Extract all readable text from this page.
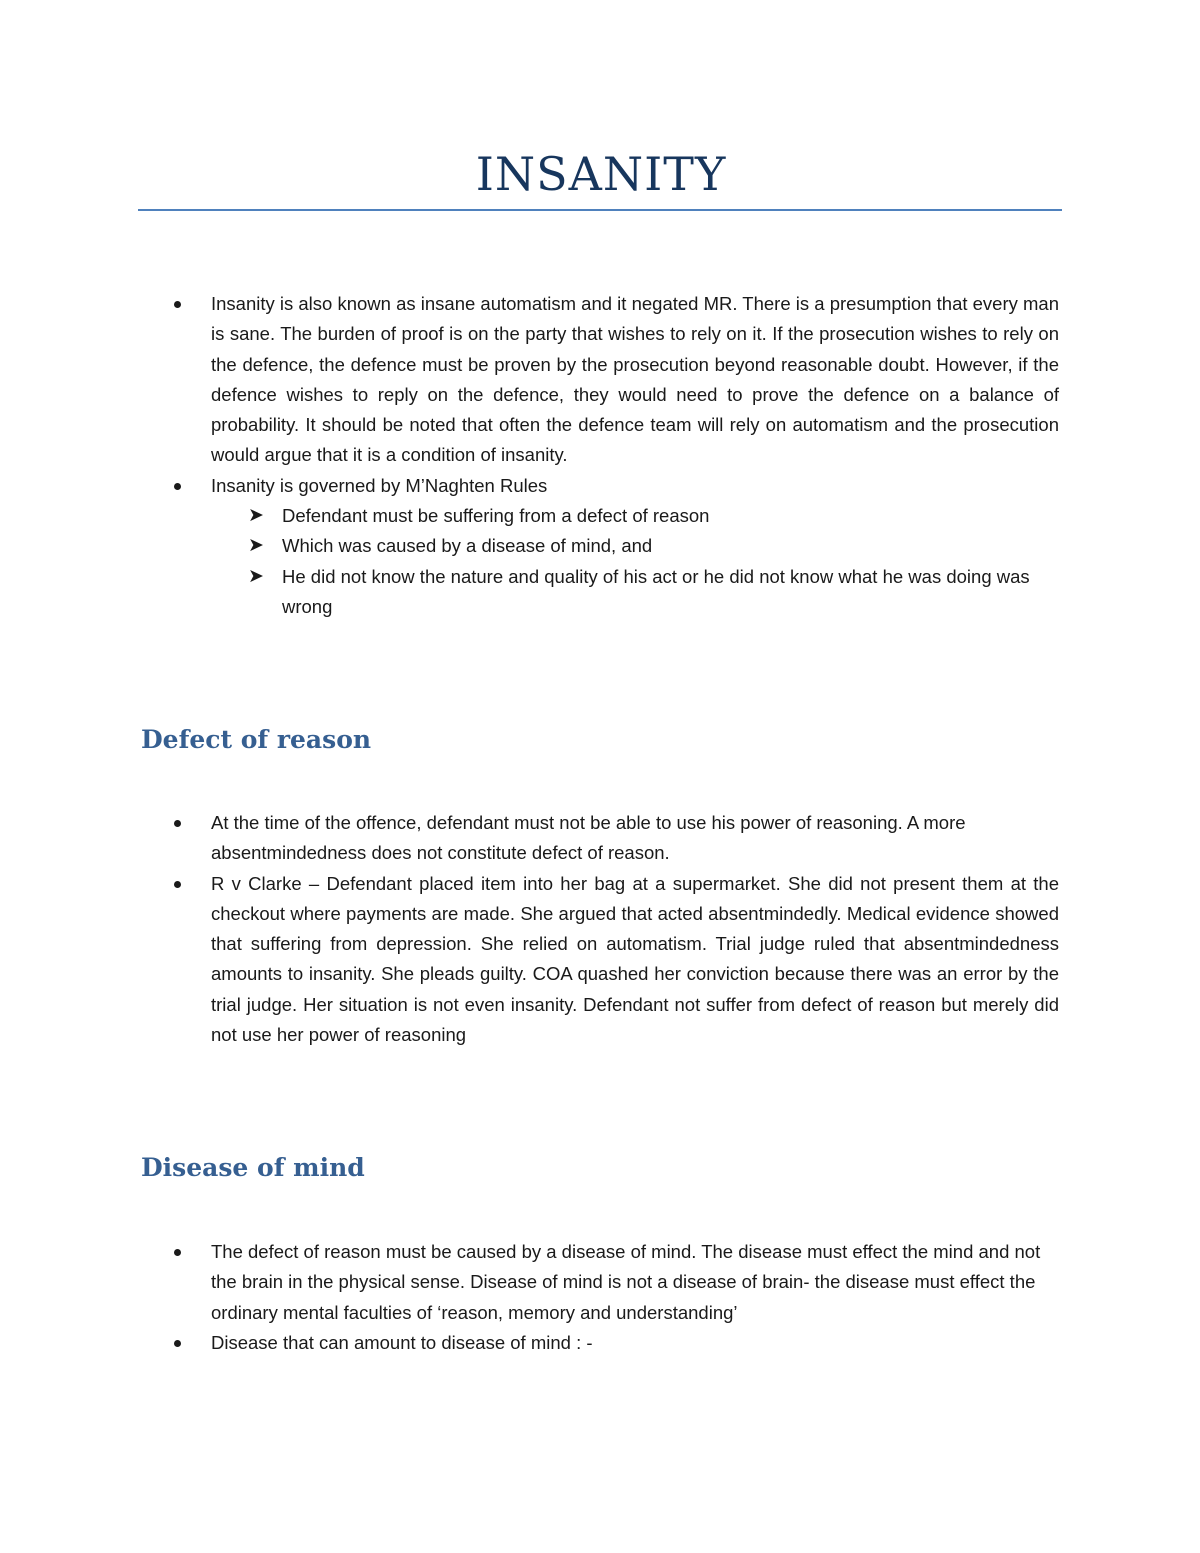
INSANITY
Insanity is also known as insane automatism and it negated MR. There is a presumption that every man is sane. The burden of proof is on the party that wishes to rely on it. If the prosecution wishes to rely on the defence, the defence must be proven by the prosecution beyond reasonable doubt. However, if the defence wishes to reply on the defence, they would need to prove the defence on a balance of probability. It should be noted that often the defence team will rely on automatism and the prosecution would argue that it is a condition of insanity.
Insanity is governed by M’Naghten Rules
➤ Defendant must be suffering from a defect of reason
➤ Which was caused by a disease of mind, and
➤ He did not know the nature and quality of his act or he did not know what he was doing was wrong
Defect of reason
At the time of the offence, defendant must not be able to use his power of reasoning. A more absentmindedness does not constitute defect of reason.
R v Clarke – Defendant placed item into her bag at a supermarket. She did not present them at the checkout where payments are made. She argued that acted absentmindedly. Medical evidence showed that suffering from depression. She relied on automatism. Trial judge ruled that absentmindedness amounts to insanity. She pleads guilty. COA quashed her conviction because there was an error by the trial judge. Her situation is not even insanity. Defendant not suffer from defect of reason but merely did not use her power of reasoning
Disease of mind
The defect of reason must be caused by a disease of mind. The disease must effect the mind and not the brain in the physical sense. Disease of mind is not a disease of brain- the disease must effect the ordinary mental faculties of ‘reason, memory and understanding’
Disease that can amount to disease of mind : -
